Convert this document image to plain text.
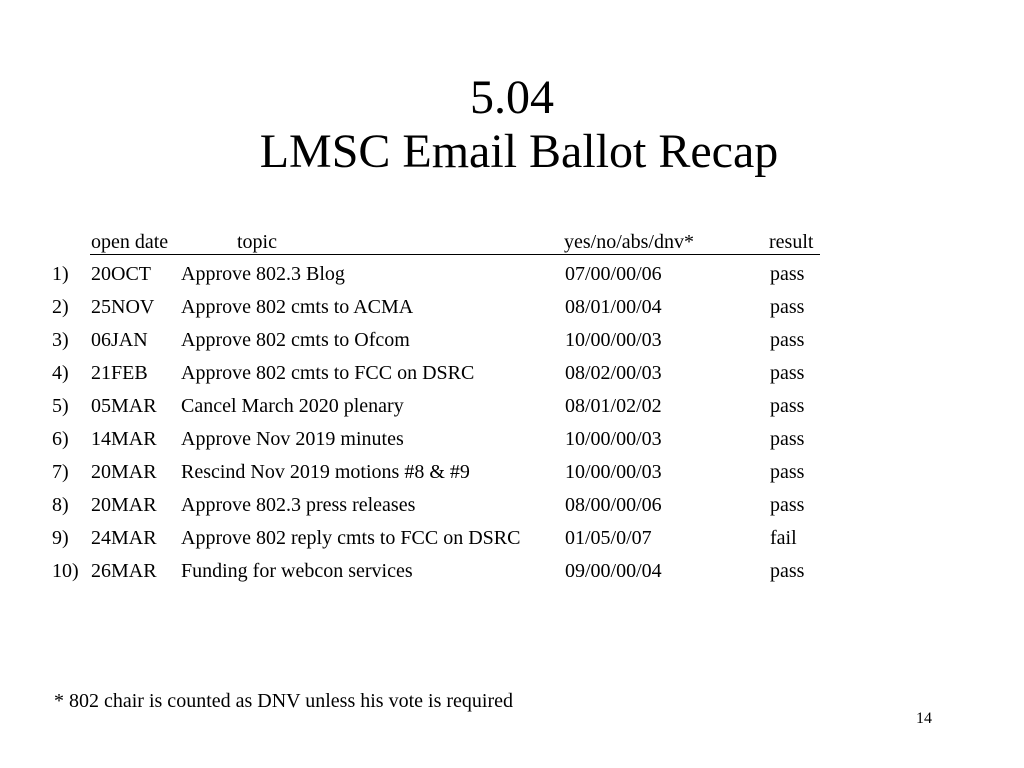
5.04
LMSC Email Ballot Recap
open date	topic	yes/no/abs/dnv*	result
1) 20OCT Approve 802.3 Blog	07/00/00/06	pass
2) 25NOV Approve 802 cmts to ACMA	08/01/00/04	pass
3) 06JAN Approve 802 cmts to Ofcom	10/00/00/03	pass
4) 21FEB Approve 802 cmts to FCC on DSRC	08/02/00/03	pass
5) 05MAR Cancel March 2020 plenary	08/01/02/02	pass
6) 14MAR Approve Nov 2019 minutes	10/00/00/03	pass
7) 20MAR Rescind Nov 2019 motions #8 & #9	10/00/00/03	pass
8) 20MAR Approve 802.3 press releases	08/00/00/06	pass
9) 24MAR Approve 802 reply cmts to FCC on DSRC 01/05/0/07	fail
10) 26MAR Funding for webcon services	09/00/00/04	pass
* 802 chair is counted as DNV unless his vote is required
14
